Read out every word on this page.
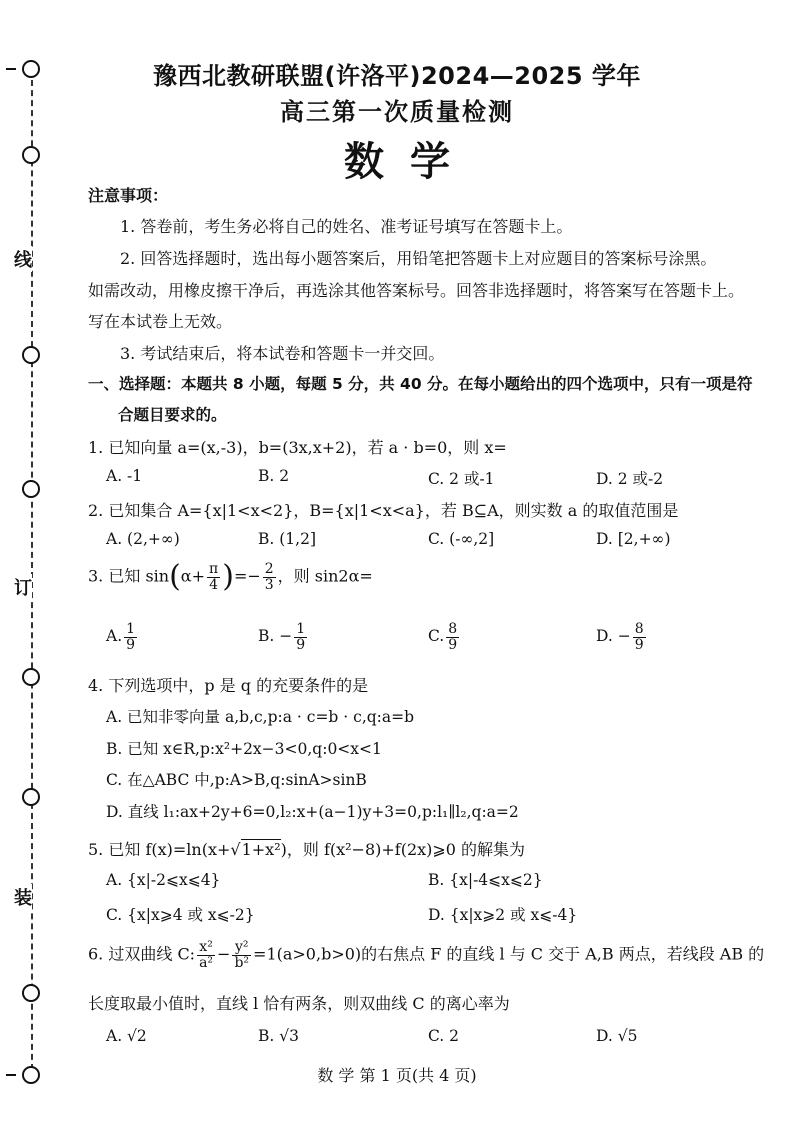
线
订
装
豫西北教研联盟(许洛平)2024—2025 学年
高三第一次质量检测
数学
注意事项：
1. 答卷前，考生务必将自己的姓名、准考证号填写在答题卡上。
2. 回答选择题时，选出每小题答案后，用铅笔把答题卡上对应题目的答案标号涂黑。
如需改动，用橡皮擦干净后，再选涂其他答案标号。回答非选择题时，将答案写在答题卡上。
写在本试卷上无效。
3. 考试结束后，将本试卷和答题卡一并交回。
一、选择题：本题共 8 小题，每题 5 分，共 40 分。在每小题给出的四个选项中，只有一项是符
合题目要求的。
1. 已知向量 a=(x,-3)，b=(3x,x+2)，若 a · b=0，则 x=
A. -1	B. 2	C. 2 或-1	D. 2 或-2
2. 已知集合 A={x|1<x<2}，B={x|1<x<a}，若 B⊆A，则实数 a 的取值范围是
A. (2,+∞)	B. (1,2]	C. (-∞,2]	D. [2,+∞)
3. 已知 $\sin(\alpha+ \frac{\pi}{4}$ )=− $\frac{2}{3}$ ，则 sin2α=
A. $\frac{1}{9}$	B. − $\frac{1}{9}$	C. $\frac{8}{9}$	D. − $\frac{8}{9}$
4. 下列选项中，p 是 q 的充要条件的是
A. 已知非零向量 a,b,c,p:a · c=b · c,q:a=b
B. 已知 x∈R,p:x²+2x−3<0,q:0<x<1
C. 在△ABC 中,p:A>B,q:sinA>sinB
D. 直线 l₁:ax+2y+6=0,l₂:x+(a−1)y+3=0,p:l₁∥l₂,q:a=2
5. 已知 f(x)=ln(x+√1+x²)，则 f(x²−8)+f(2x)⩾0 的解集为
A. {x|-2⩽x⩽4}	B. {x|-4⩽x⩽2}
C. {x|x⩾4 或 x⩽-2}	D. {x|x⩾2 或 x⩽-4}
6. 过双曲线 C: $\frac{\text{x²}}{\text{a²}} - \frac{\text{y²}}{\text{b²}} =1(a>0,b>0)$的右焦点 F 的直线 l 与 C 交于 A,B 两点，若线段 AB 的
长度取最小值时，直线 l 恰有两条，则双曲线 C 的离心率为
A. √2	B. √3	C. 2	D. √5
数 学 第 1 页(共 4 页)
